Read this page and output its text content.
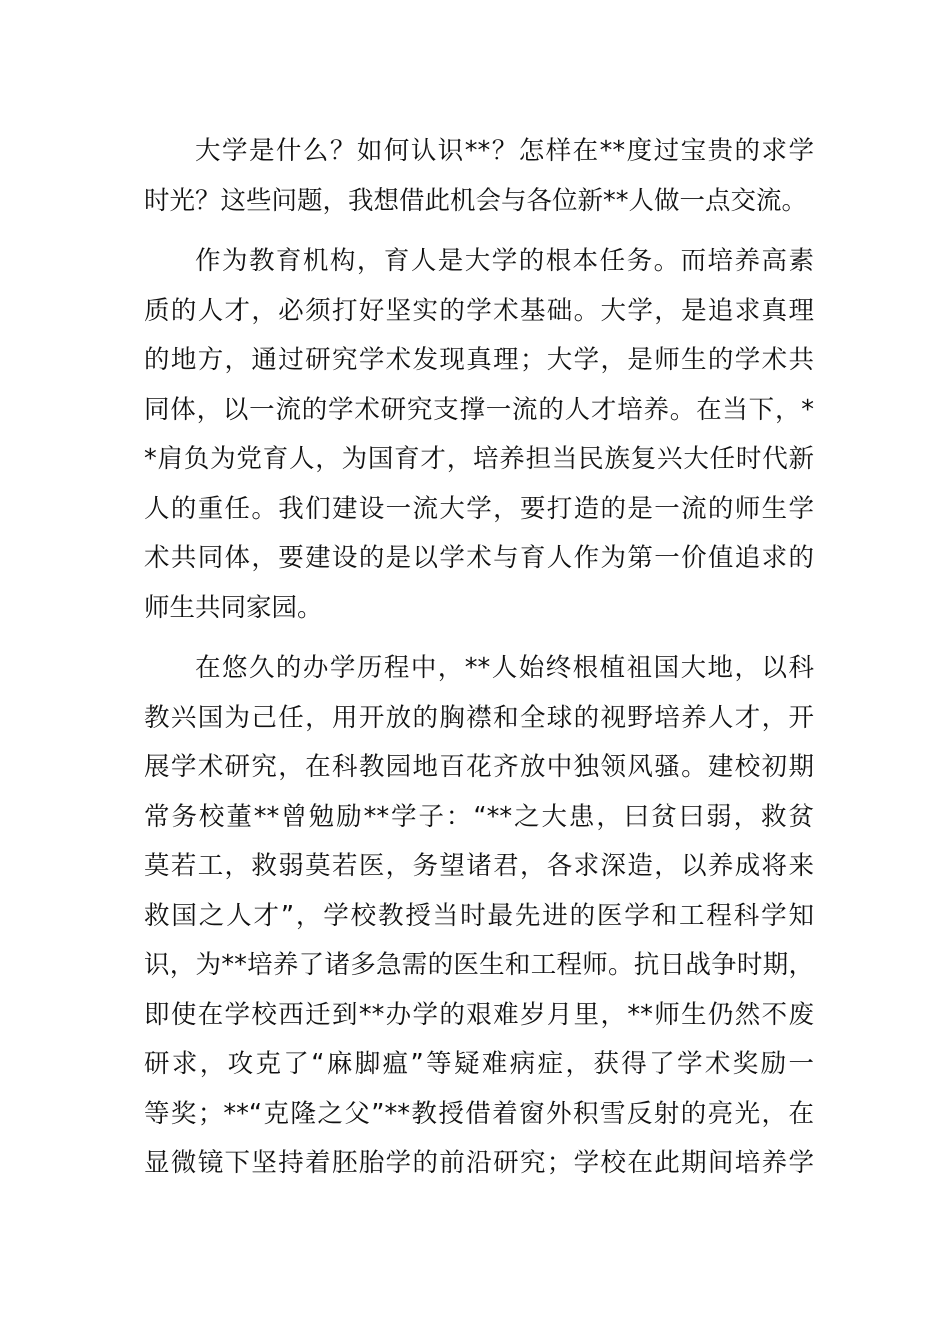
大学是什么？如何认识**？怎样在**度过宝贵的求学
时光？这些问题，我想借此机会与各位新**人做一点交流。
作为教育机构，育人是大学的根本任务。而培养高素
质的人才，必须打好坚实的学术基础。大学，是追求真理
的地方，通过研究学术发现真理；大学，是师生的学术共
同体，以一流的学术研究支撑一流的人才培养。在当下，*
*肩负为党育人，为国育才，培养担当民族复兴大任时代新
人的重任。我们建设一流大学，要打造的是一流的师生学
术共同体，要建设的是以学术与育人作为第一价值追求的
师生共同家园。
在悠久的办学历程中，**人始终根植祖国大地，以科
教兴国为己任，用开放的胸襟和全球的视野培养人才，开
展学术研究，在科教园地百花齐放中独领风骚。建校初期
常务校董**曾勉励**学子：“**之大患，曰贫曰弱，救贫
莫若工，救弱莫若医，务望诸君，各求深造，以养成将来
救国之人才”，学校教授当时最先进的医学和工程科学知
识，为**培养了诸多急需的医生和工程师。抗日战争时期，
即使在学校西迁到**办学的艰难岁月里，**师生仍然不废
研求，攻克了“麻脚瘟”等疑难病症，获得了学术奖励一
等奖；**“克隆之父”**教授借着窗外积雪反射的亮光，在
显微镜下坚持着胚胎学的前沿研究；学校在此期间培养学
